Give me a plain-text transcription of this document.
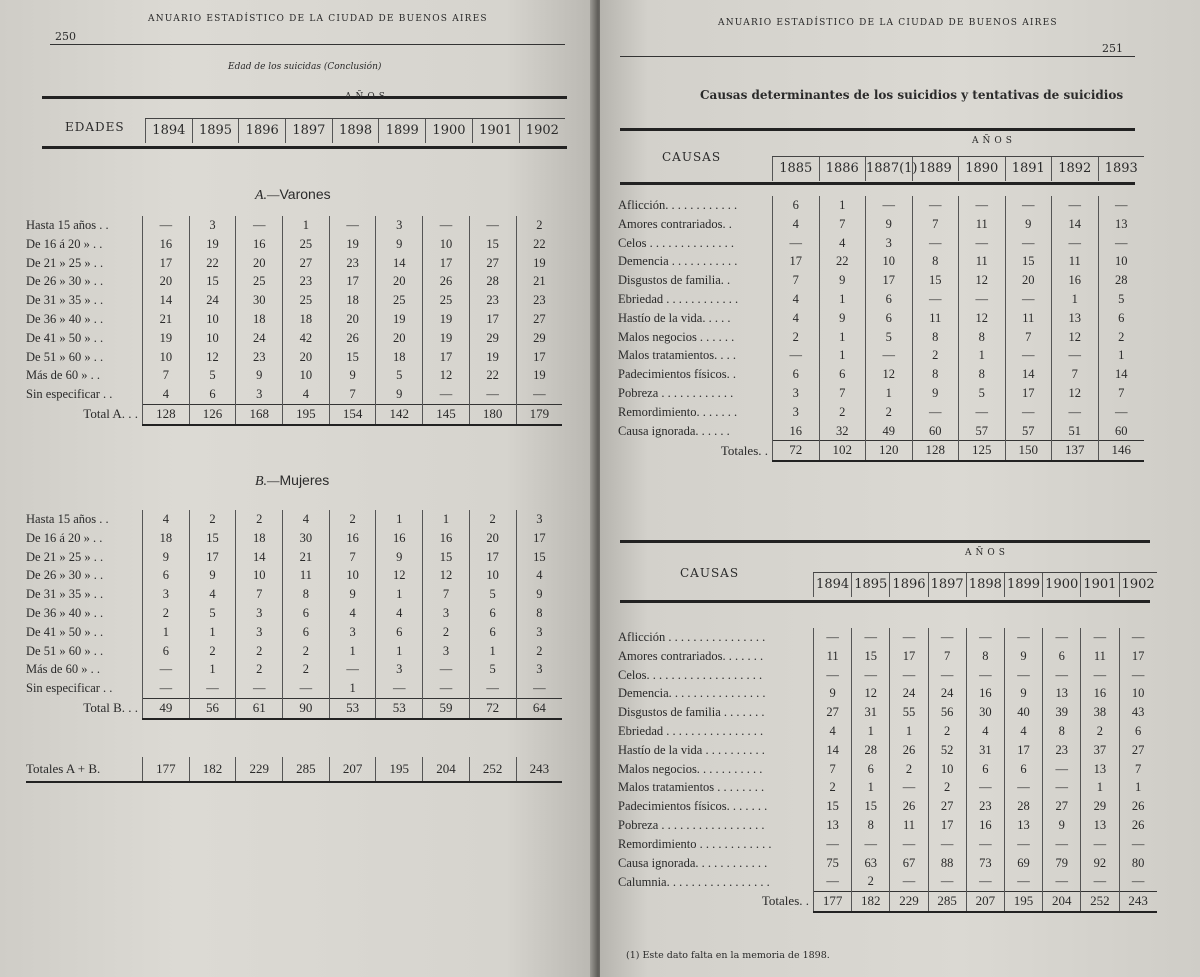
250
ANUARIO ESTADÍSTICO DE LA CIUDAD DE BUENOS AIRES
Edad de los suicidas (Conclusión)
EDADES
AÑOS
1894 1895 1896 1897 1898 1899 1900 1901 1902
A.—Varones
Hasta 15 años . .	—	3	—	1	—	3	—	—	2
De 16 á 20 » . .	16	19	16	25	19	9	10	15	22
De 21 » 25 » . .	17	22	20	27	23	14	17	27	19
De 26 » 30 » . .	20	15	25	23	17	20	26	28	21
De 31 » 35 » . .	14	24	30	25	18	25	25	23	23
De 36 » 40 » . .	21	10	18	18	20	19	19	17	27
De 41 » 50 » . .	19	10	24	42	26	20	19	29	29
De 51 » 60 » . .	10	12	23	20	15	18	17	19	17
Más de 60 » . .	7	5	9	10	9	5	12	22	19
Sin especificar . .	4	6	3	4	7	9	—	—	—
Total A. . .	128	126	168	195	154	142	145	180	179
B.—Mujeres
Hasta 15 años . .	4	2	2	4	2	1	1	2	3
De 16 á 20 » . .	18	15	18	30	16	16	16	20	17
De 21 » 25 » . .	9	17	14	21	7	9	15	17	15
De 26 » 30 » . .	6	9	10	11	10	12	12	10	4
De 31 » 35 » . .	3	4	7	8	9	1	7	5	9
De 36 » 40 » . .	2	5	3	6	4	4	3	6	8
De 41 » 50 » . .	1	1	3	6	3	6	2	6	3
De 51 » 60 » . .	6	2	2	2	1	1	3	1	2
Más de 60 » . .	—	1	2	2	—	3	—	5	3
Sin especificar . .	—	—	—	—	1	—	—	—	—
Total B. . .	49	56	61	90	53	53	59	72	64
Totales A + B.	177	182	229	285	207	195	204	252	243
ANUARIO ESTADÍSTICO DE LA CIUDAD DE BUENOS AIRES
251
Causas determinantes de los suicidios y tentativas de suicidios
CAUSAS
AÑOS
1885 1886 1887(1)1889 1890 1891 1892 1893
Aflicción. . . . . . . . . . . .	6	1	—	—	—	—	—	—
Amores contrariados. .	4	7	9	7	11	9	14	13
Celos . . . . . . . . . . . . . .	—	4	3	—	—	—	—	—
Demencia . . . . . . . . . . .	17	22	10	8	11	15	11	10
Disgustos de familia. .	7	9	17	15	12	20	16	28
Ebriedad . . . . . . . . . . . .	4	1	6	—	—	—	1	5
Hastío de la vida. . . . .	4	9	6	11	12	11	13	6
Malos negocios . . . . . .	2	1	5	8	8	7	12	2
Malos tratamientos. . . .	—	1	—	2	1	—	—	1
Padecimientos físicos. .	6	6	12	8	8	14	7	14
Pobreza . . . . . . . . . . . .	3	7	1	9	5	17	12	7
Remordimiento. . . . . . .	3	2	2	—	—	—	—	—
Causa ignorada. . . . . .	16	32	49	60	57	57	51	60
Totales. .	72	102	120	128	125	150	137	146
CAUSAS
AÑOS
1894 1895 1896 1897 1898 1899 1900 1901 1902
Aflicción . . . . . . . . . . . . . . . .	—	—	—	—	—	—	—	—	—
Amores contrariados. . . . . . .	11	15	17	7	8	9	6	11	17
Celos. . . . . . . . . . . . . . . . . . .	—	—	—	—	—	—	—	—	—
Demencia. . . . . . . . . . . . . . . .	9	12	24	24	16	9	13	16	10
Disgustos de familia . . . . . . .	27	31	55	56	30	40	39	38	43
Ebriedad . . . . . . . . . . . . . . . .	4	1	1	2	4	4	8	2	6
Hastío de la vida . . . . . . . . . .	14	28	26	52	31	17	23	37	27
Malos negocios. . . . . . . . . . .	7	6	2	10	6	6	—	13	7
Malos tratamientos . . . . . . . .	2	1	—	2	—	—	—	1	1
Padecimientos físicos. . . . . . .	15	15	26	27	23	28	27	29	26
Pobreza . . . . . . . . . . . . . . . . .	13	8	11	17	16	13	9	13	26
Remordimiento . . . . . . . . . . . .	—	—	—	—	—	—	—	—	—
Causa ignorada. . . . . . . . . . . .	75	63	67	88	73	69	79	92	80
Calumnia. . . . . . . . . . . . . . . . .	—	2	—	—	—	—	—	—	—
Totales. .	177	182	229	285	207	195	204	252	243
(1) Este dato falta en la memoria de 1898.
